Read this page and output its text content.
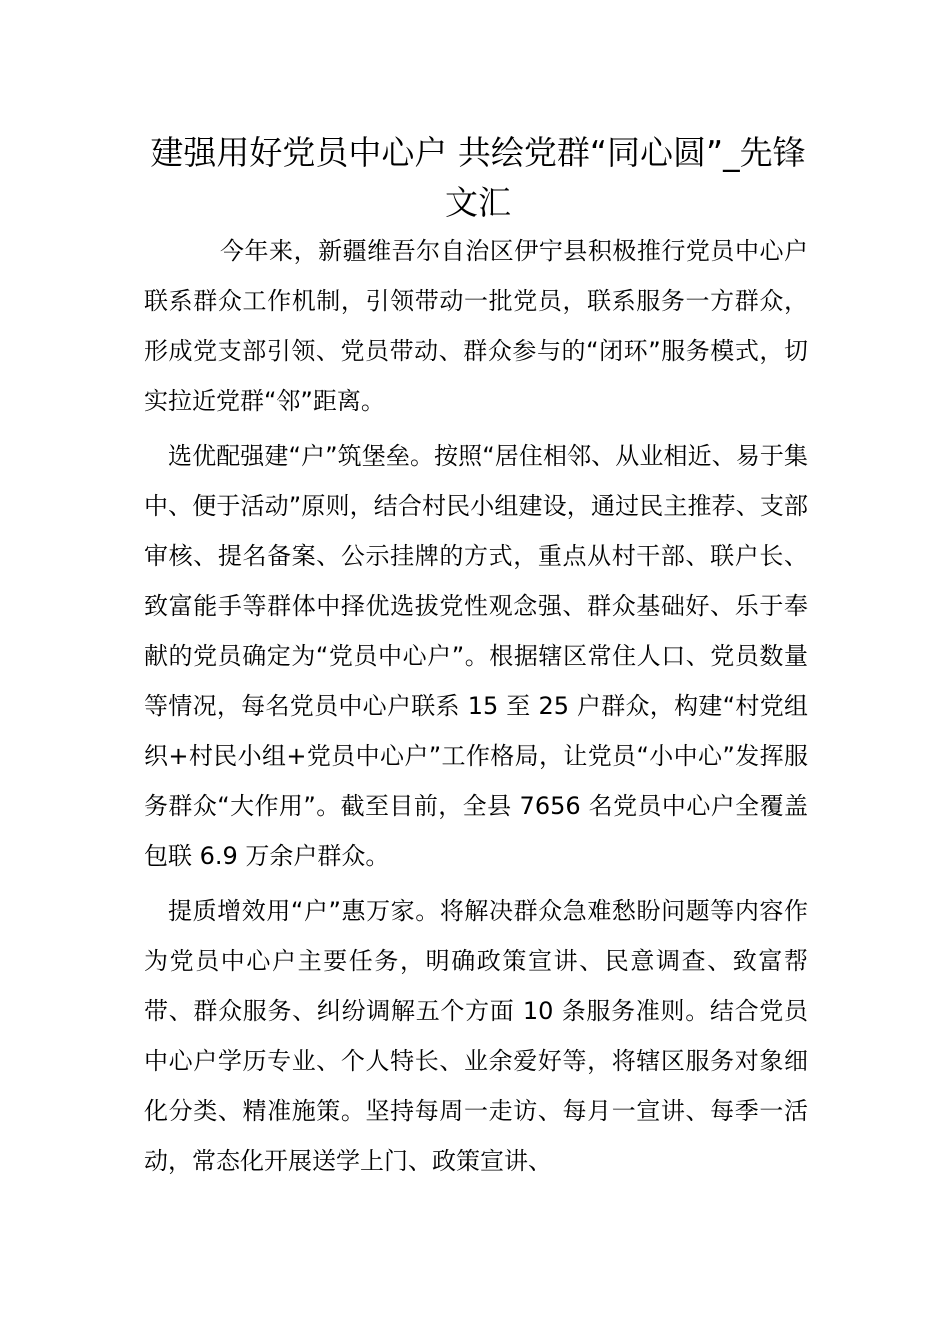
建强用好党员中心户 共绘党群“同心圆”_先锋文汇

今年来，新疆维吾尔自治区伊宁县积极推行党员中心户联系群众工作机制，引领带动一批党员，联系服务一方群众，形成党支部引领、党员带动、群众参与的“闭环”服务模式，切实拉近党群“邻”距离。

选优配强建“户”筑堡垒。按照“居住相邻、从业相近、易于集中、便于活动”原则，结合村民小组建设，通过民主推荐、支部审核、提名备案、公示挂牌的方式，重点从村干部、联户长、致富能手等群体中择优选拔党性观念强、群众基础好、乐于奉献的党员确定为“党员中心户”。根据辖区常住人口、党员数量等情况，每名党员中心户联系 15 至 25 户群众，构建“村党组织+村民小组+党员中心户”工作格局，让党员“小中心”发挥服务群众“大作用”。截至目前，全县 7656 名党员中心户全覆盖包联 6.9 万余户群众。

提质增效用“户”惠万家。将解决群众急难愁盼问题等内容作为党员中心户主要任务，明确政策宣讲、民意调查、致富帮带、群众服务、纠纷调解五个方面 10 条服务准则。结合党员中心户学历专业、个人特长、业余爱好等，将辖区服务对象细化分类、精准施策。坚持每周一走访、每月一宣讲、每季一活动，常态化开展送学上门、政策宣讲、
